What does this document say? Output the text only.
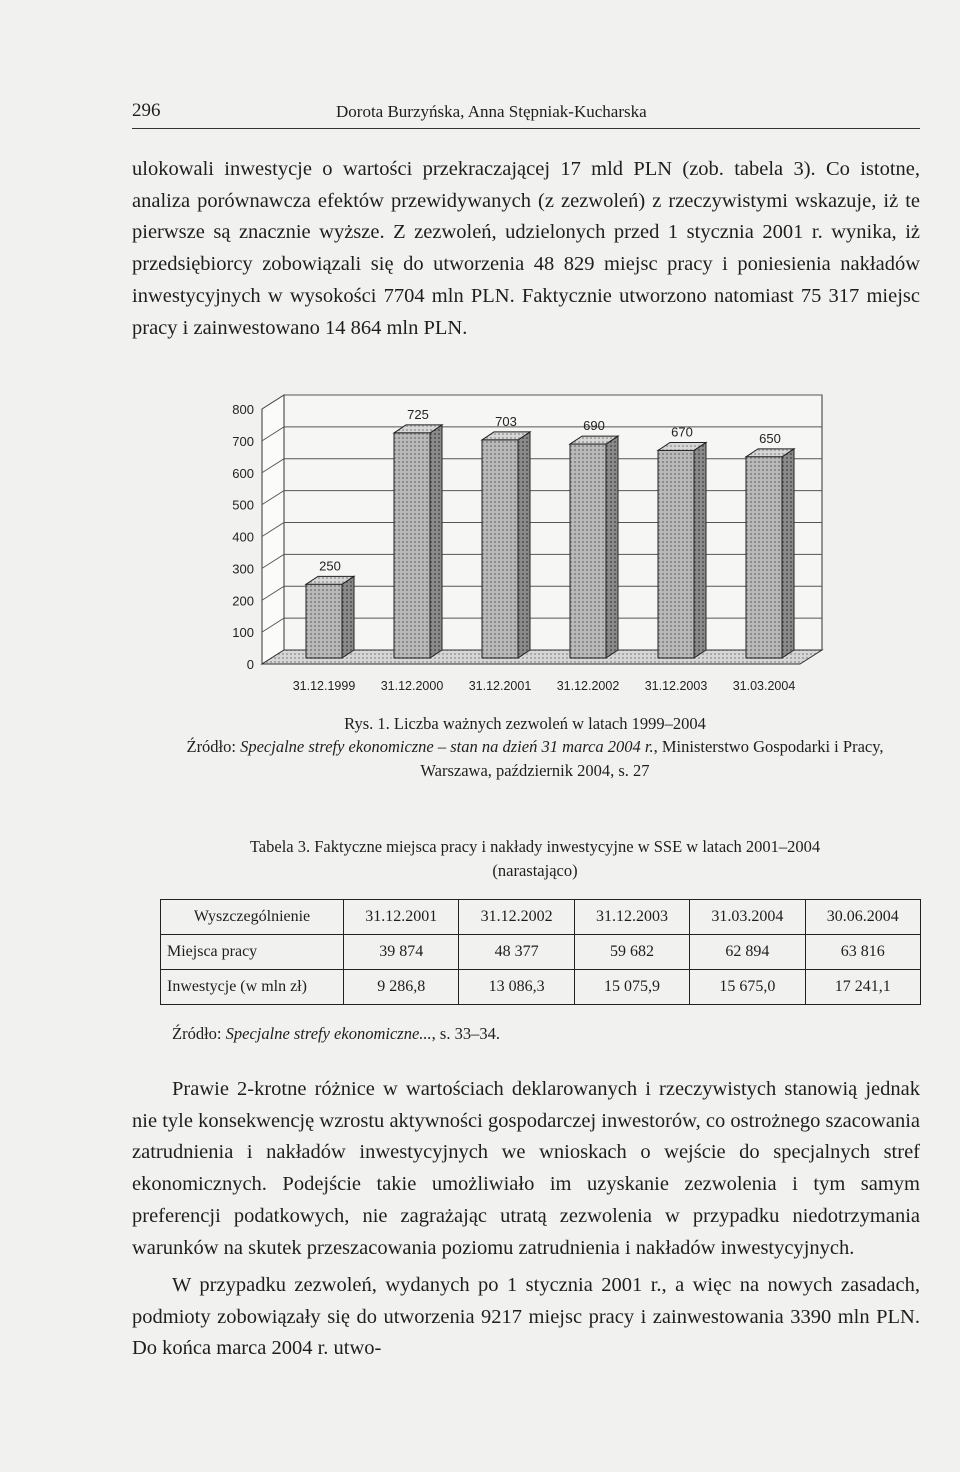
296	Dorota Burzyńska, Anna Stępniak-Kucharska

ulokowali inwestycje o wartości przekraczającej 17 mld PLN (zob. tabela 3). Co istotne, analiza porównawcza efektów przewidywanych (z zezwoleń) z rzeczywistymi wskazuje, iż te pierwsze są znacznie wyższe. Z zezwoleń, udzielonych przed 1 stycznia 2001 r. wynika, iż przedsiębiorcy zobowiązali się do utworzenia 48 829 miejsc pracy i poniesienia nakładów inwestycyjnych w wysokości 7704 mln PLN. Faktycznie utworzono natomiast 75 317 miejsc pracy i zainwestowano 14 864 mln PLN.

0
100
200
300
400
500
600
700
800
250
31.12.1999
725
31.12.2000
703
31.12.2001
690
31.12.2002
670
31.12.2003
650
31.03.2004

Rys. 1. Liczba ważnych zezwoleń w latach 1999–2004

Źródło: Specjalne strefy ekonomiczne – stan na dzień 31 marca 2004 r., Ministerstwo Gospodarki i Pracy, Warszawa, październik 2004, s. 27

Tabela 3. Faktyczne miejsca pracy i nakłady inwestycyjne w SSE w latach 2001–2004
(narastająco)
Wyszczególnienie	31.12.2001	31.12.2002	31.12.2003	31.03.2004	30.06.2004
Miejsca pracy	39 874	48 377	59 682	62 894	63 816
Inwestycje (w mln zł)	9 286,8	13 086,3	15 075,9	15 675,0	17 241,1
Źródło: Specjalne strefy ekonomiczne..., s. 33–34.

Prawie 2-krotne różnice w wartościach deklarowanych i rzeczywistych stanowią jednak nie tyle konsekwencję wzrostu aktywności gospodarczej inwestorów, co ostrożnego szacowania zatrudnienia i nakładów inwestycyjnych we wnioskach o wejście do specjalnych stref ekonomicznych. Podejście takie umożliwiało im uzyskanie zezwolenia i tym samym preferencji podatkowych, nie zagrażając utratą zezwolenia w przypadku niedotrzymania warunków na skutek przeszacowania poziomu zatrudnienia i nakładów inwestycyjnych.

W przypadku zezwoleń, wydanych po 1 stycznia 2001 r., a więc na nowych zasadach, podmioty zobowiązały się do utworzenia 9217 miejsc pracy i zainwestowania 3390 mln PLN. Do końca marca 2004 r. utwo-
